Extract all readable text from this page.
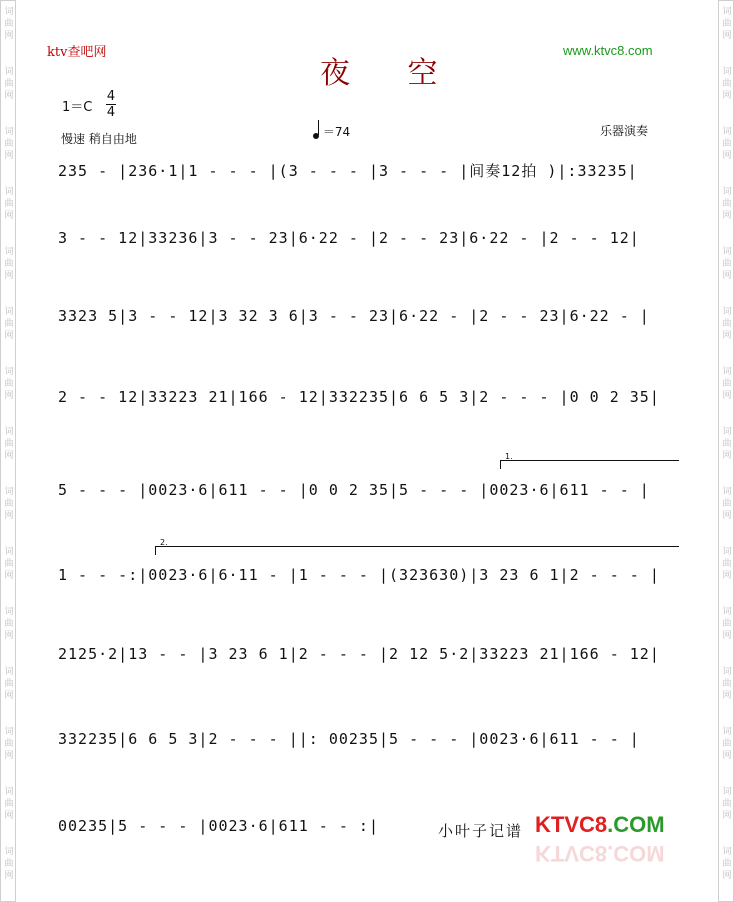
词
曲
网
词
曲
网
词
曲
网
词
曲
网
词
曲
网
词
曲
网
词
曲
网
词
曲
网
词
曲
网
词
曲
网
词
曲
网
词
曲
网
词
曲
网
词
曲
网
词
曲
网
词
曲
网
词
曲
网
词
曲
网
词
曲
网
词
曲
网
词
曲
网
词
曲
网
词
曲
网
词
曲
网
词
曲
网
词
曲
网
词
曲
网
词
曲
网
词
曲
网
词
曲
网
ktv查吧网	www.ktvc8.com
夜 空
1＝C
4
4
慢速 稍自由地	＝74	乐器演奏
235 - |236·1|1 - - - |(3 - - - |3 - - - |间奏12拍 )|:33235|
3 - - 12|33236|3 - - 23|6·22 - |2 - - 23|6·22 - |2 - - 12|
3323 5|3 - - 12|3 32 3 6|3 - - 23|6·22 - |2 - - 23|6·22 - |
2 - - 12|33223 21|166 - 12|332235|6 6 5 3|2 - - - |0 0 2 35|
5 - - - |0023·6|611 - - |0 0 2 35|5 - - - |0023·6|611 - - |
1 - - -:|0023·6|6·11 - |1 - - - |(323630)|3 23 6 1|2 - - - |
2125·2|13 - - |3 23 6 1|2 - - - |2 12 5·2|33223 21|166 - 12|
332235|6 6 5 3|2 - - - ||: 00235|5 - - - |0023·6|611 - - |
00235|5 - - - |0023·6|611 - - :|
1.
2.
小叶子记谱 KTVC8.COM
KTVC8.COM
